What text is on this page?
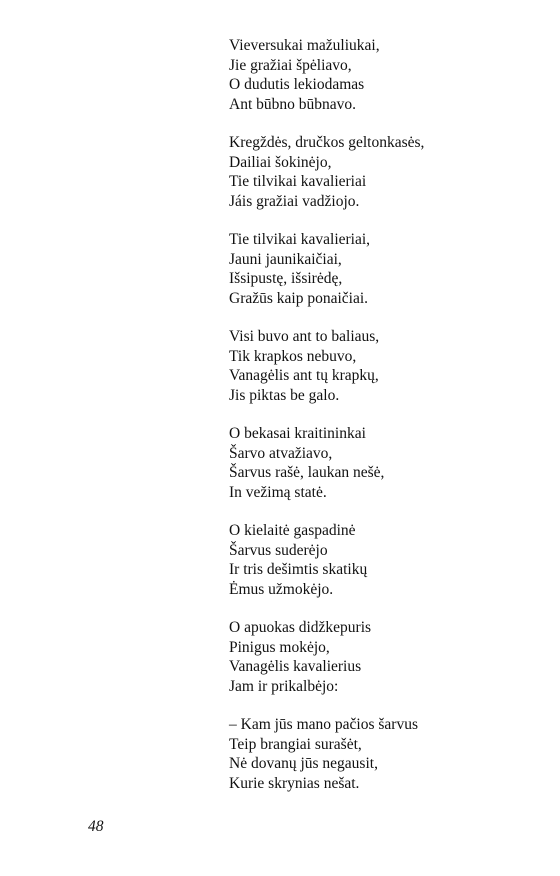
Vieversukai mažuliukai,
Jie gražiai špėliavo,
O dudutis lekiodamas
Ant būbno būbnavo.
Kregždės, dručkos geltonkasės,
Dailiai šokinėjo,
Tie tilvikai kavalieriai
Jáis gražiai vadžiojo.
Tie tilvikai kavalieriai,
Jauni jaunikaičiai,
Išsipustę, išsirėdę,
Gražūs kaip ponaičiai.
Visi buvo ant to baliaus,
Tik krapkos nebuvo,
Vanagėlis ant tų krapkų,
Jis piktas be galo.
O bekasai kraitininkai
Šarvo atvažiavo,
Šarvus rašė, laukan nešė,
In vežimą statė.
O kielaitė gaspadinė
Šarvus suderėjo
Ir tris dešimtis skatikų
Ėmus užmokėjo.
O apuokas didžkepuris
Pinigus mokėjo,
Vanagėlis kavalierius
Jam ir prikalbėjo:
– Kam jūs mano pačios šarvus
Teip brangiai surašėt,
Nė dovanų jūs negausit,
Kurie skrynias nešat.
48
